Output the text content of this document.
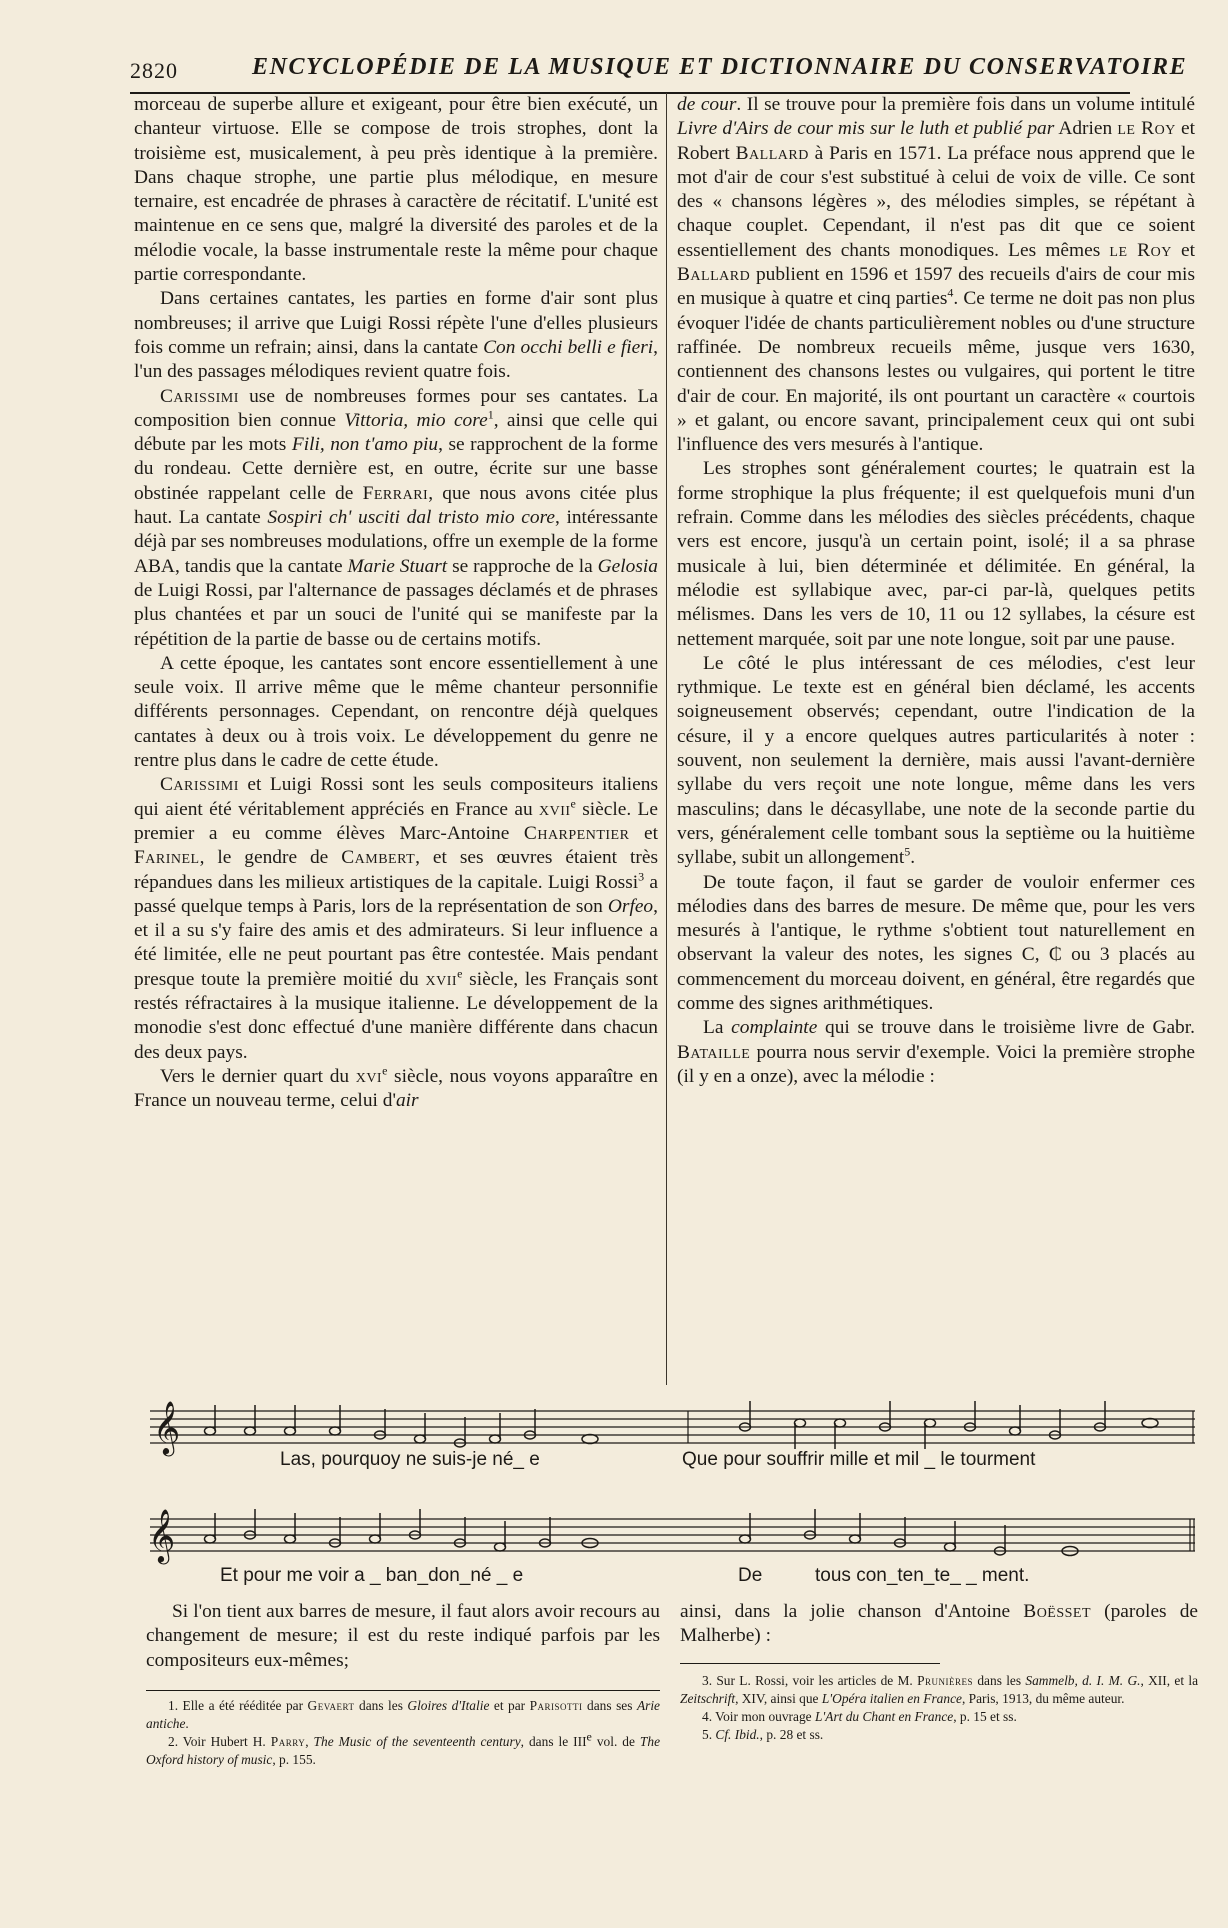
2820	ENCYCLOPÉDIE DE LA MUSIQUE ET DICTIONNAIRE DU CONSERVATOIRE

morceau de superbe allure et exigeant, pour être bien exécuté, un chanteur virtuose. Elle se compose de trois strophes, dont la troisième est, musicalement, à peu près identique à la première. Dans chaque strophe, une partie plus mélodique, en mesure ternaire, est encadrée de phrases à caractère de récitatif. L'unité est maintenue en ce sens que, malgré la diversité des paroles et de la mélodie vocale, la basse instrumentale reste la même pour chaque partie correspondante.

Dans certaines cantates, les parties en forme d'air sont plus nombreuses; il arrive que Luigi Rossi répète l'une d'elles plusieurs fois comme un refrain; ainsi, dans la cantate Con occhi belli e fieri, l'un des passages mélodiques revient quatre fois.

Carissimi use de nombreuses formes pour ses cantates. La composition bien connue Vittoria, mio core$^1$, ainsi que celle qui débute par les mots Fili, non t'amo piu, se rapprochent de la forme du rondeau. Cette dernière est, en outre, écrite sur une basse obstinée rappelant celle de Ferrari, que nous avons citée plus haut. La cantate Sospiri ch' usciti dal tristo mio core, intéressante déjà par ses nombreuses modulations, offre un exemple de la forme ABA, tandis que la cantate Marie Stuart se rapproche de la Gelosia de Luigi Rossi, par l'alternance de passages déclamés et de phrases plus chantées et par un souci de l'unité qui se manifeste par la répétition de la partie de basse ou de certains motifs.

A cette époque, les cantates sont encore essentiellement à une seule voix. Il arrive même que le même chanteur personnifie différents personnages. Cependant, on rencontre déjà quelques cantates à deux ou à trois voix. Le développement du genre ne rentre plus dans le cadre de cette étude.

Carissimi et Luigi Rossi sont les seuls compositeurs italiens qui aient été véritablement appréciés en France au xvii$^e$ siècle. Le premier a eu comme élèves Marc-Antoine Charpentier et Farinel, le gendre de Cambert, et ses œuvres étaient très répandues dans les milieux artistiques de la capitale. Luigi Rossi$^3$ a passé quelque temps à Paris, lors de la représentation de son Orfeo, et il a su s'y faire des amis et des admirateurs. Si leur influence a été limitée, elle ne peut pourtant pas être contestée. Mais pendant presque toute la première moitié du xvii$^e$ siècle, les Français sont restés réfractaires à la musique italienne. Le développement de la monodie s'est donc effectué d'une manière différente dans chacun des deux pays.

Vers le dernier quart du xvi$^e$ siècle, nous voyons apparaître en France un nouveau terme, celui d'air

de cour. Il se trouve pour la première fois dans un volume intitulé Livre d'Airs de cour mis sur le luth et publié par Adrien le Roy et Robert Ballard à Paris en 1571. La préface nous apprend que le mot d'air de cour s'est substitué à celui de voix de ville. Ce sont des « chansons légères », des mélodies simples, se répétant à chaque couplet. Cependant, il n'est pas dit que ce soient essentiellement des chants monodiques. Les mêmes le Roy et Ballard publient en 1596 et 1597 des recueils d'airs de cour mis en musique à quatre et cinq parties$^4$. Ce terme ne doit pas non plus évoquer l'idée de chants particulièrement nobles ou d'une structure raffinée. De nombreux recueils même, jusque vers 1630, contiennent des chansons lestes ou vulgaires, qui portent le titre d'air de cour. En majorité, ils ont pourtant un caractère « courtois » et galant, ou encore savant, principalement ceux qui ont subi l'influence des vers mesurés à l'antique.

Les strophes sont généralement courtes; le quatrain est la forme strophique la plus fréquente; il est quelquefois muni d'un refrain. Comme dans les mélodies des siècles précédents, chaque vers est encore, jusqu'à un certain point, isolé; il a sa phrase musicale à lui, bien déterminée et délimitée. En général, la mélodie est syllabique avec, par-ci par-là, quelques petits mélismes. Dans les vers de 10, 11 ou 12 syllabes, la césure est nettement marquée, soit par une note longue, soit par une pause.

Le côté le plus intéressant de ces mélodies, c'est leur rythmique. Le texte est en général bien déclamé, les accents soigneusement observés; cependant, outre l'indication de la césure, il y a encore quelques autres particularités à noter : souvent, non seulement la dernière, mais aussi l'avant-dernière syllabe du vers reçoit une note longue, même dans les vers masculins; dans le décasyllabe, une note de la seconde partie du vers, généralement celle tombant sous la septième ou la huitième syllabe, subit un allongement$^5$.

De toute façon, il faut se garder de vouloir enfermer ces mélodies dans des barres de mesure. De même que, pour les vers mesurés à l'antique, le rythme s'obtient tout naturellement en observant la valeur des notes, les signes C, ₵ ou 3 placés au commencement du morceau doivent, en général, être regardés que comme des signes arithmétiques.

La complainte qui se trouve dans le troisième livre de Gabr. Bataille pourra nous servir d'exemple. Voici la première strophe (il y en a onze), avec la mélodie :

𝄞
𝄞
Las, pourquoy ne suis-je né_ e	Que pour souffrir mille et mil _ le tourment
Et pour me voir a _ ban_don_né _ e	De	tous con_ten_te_ _ ment.

Si l'on tient aux barres de mesure, il faut alors avoir recours au changement de mesure; il est du reste indiqué parfois par les compositeurs eux-mêmes;

ainsi, dans la jolie chanson d'Antoine Boësset (paroles de Malherbe) :

1. Elle a été rééditée par Gevaert dans les Gloires d'Italie et par Parisotti dans ses Arie antiche.

2. Voir Hubert H. Parry, The Music of the seventeenth century, dans le IIIe vol. de The Oxford history of music, p. 155.

3. Sur L. Rossi, voir les articles de M. Prunières dans les Sammelb, d. I. M. G., XII, et la Zeitschrift, XIV, ainsi que L'Opéra italien en France, Paris, 1913, du même auteur.

4. Voir mon ouvrage L'Art du Chant en France, p. 15 et ss.

5. Cf. Ibid., p. 28 et ss.
